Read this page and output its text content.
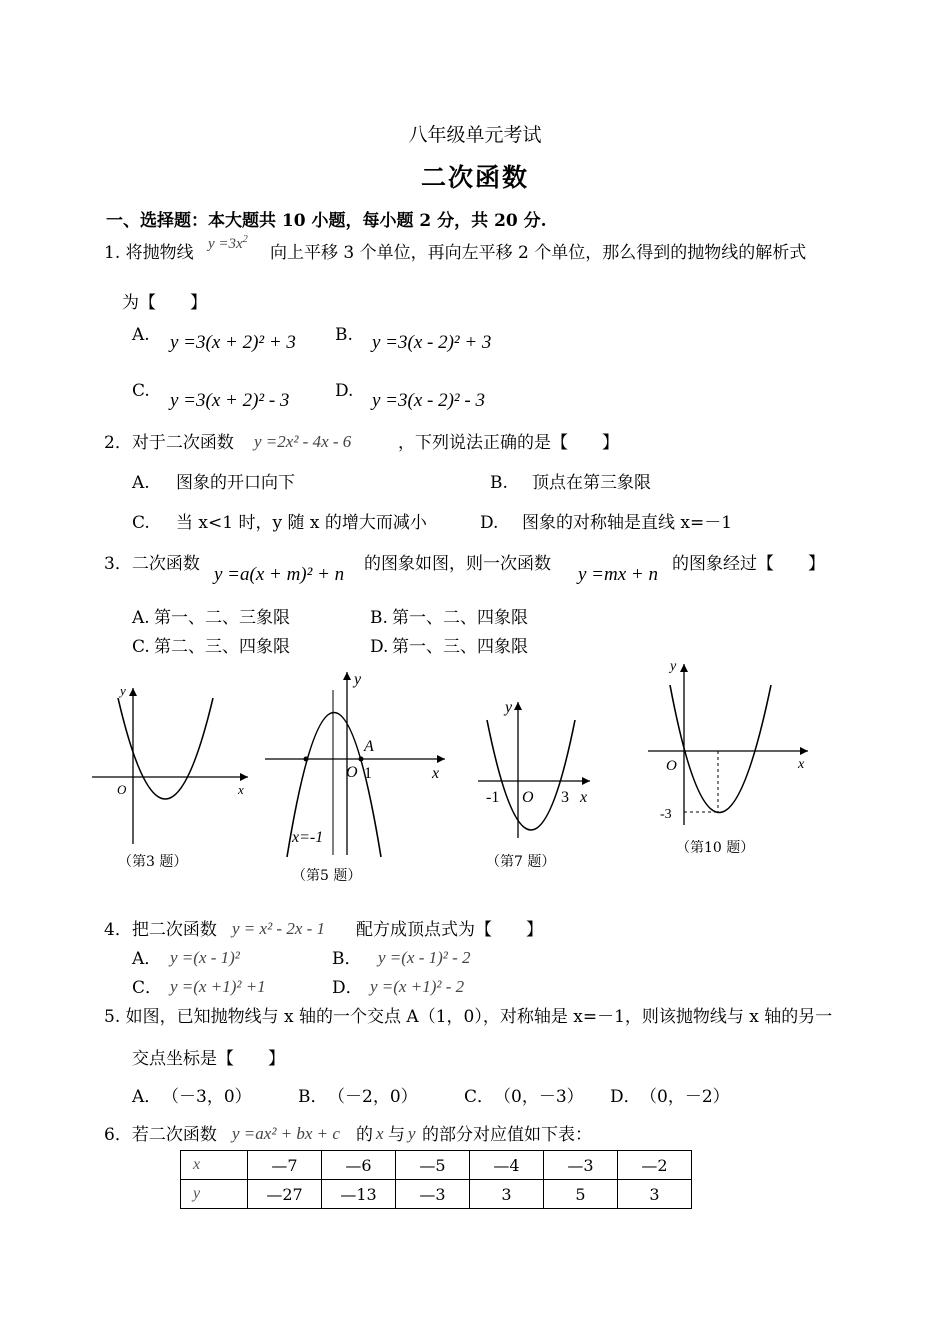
八年级单元考试
二次函数
一、选择题：本大题共 10 小题，每小题 2 分，共 20 分.
1. 将抛物线 $y =3x^2$
向上平移 3 个单位，再向左平移 2 个单位，那么得到的抛物线的解析式
为【　　】
A. y =3(x + 2)² + 3 B. y =3(x - 2)² + 3
C. y =3(x + 2)² - 3	D. y =3(x - 2)² - 3
2．对于二次函数 y =2x² - 4x - 6	，下列说法正确的是【　　】
A. 图象的开口向下	B. 顶点在第三象限
C. 当 x<1 时，y 随 x 的增大而减小	D. 图象的对称轴是直线 x=－1
3．二次函数 y =a(x + m)² + n 的图象如图，则一次函数 y =mx + n 的图象经过【　　】
A. 第一、二、三象限	B. 第一、二、四象限
C. 第二、三、四象限	D. 第一、三、四象限
y
x
O
（第3 题）
y
x
O
A
1
x=-1
（第5 题）
y
x
O
-1	3
（第7 题）
y
x
O
-3
（第10 题）
4．把二次函数 y = x² - 2x - 1 配方成顶点式为【　　】
A． y =(x - 1)²	B． y =(x - 1)² - 2
C． y =(x +1)² +1	D． y =(x +1)² - 2
5. 如图，已知抛物线与 x 轴的一个交点 A（1，0），对称轴是 x=－1，则该抛物线与 x 轴的另一
交点坐标是【　　】
A． （－3，0）	B． （－2，0）	C． （0，－3） D． （0，－2）
6．若二次函数 y =ax² + bx + c 的 x 与 y 的部分对应值如下表：
x	—7	—6	—5	—4	—3	—2
y	—27	—13	—3	3	5	3
